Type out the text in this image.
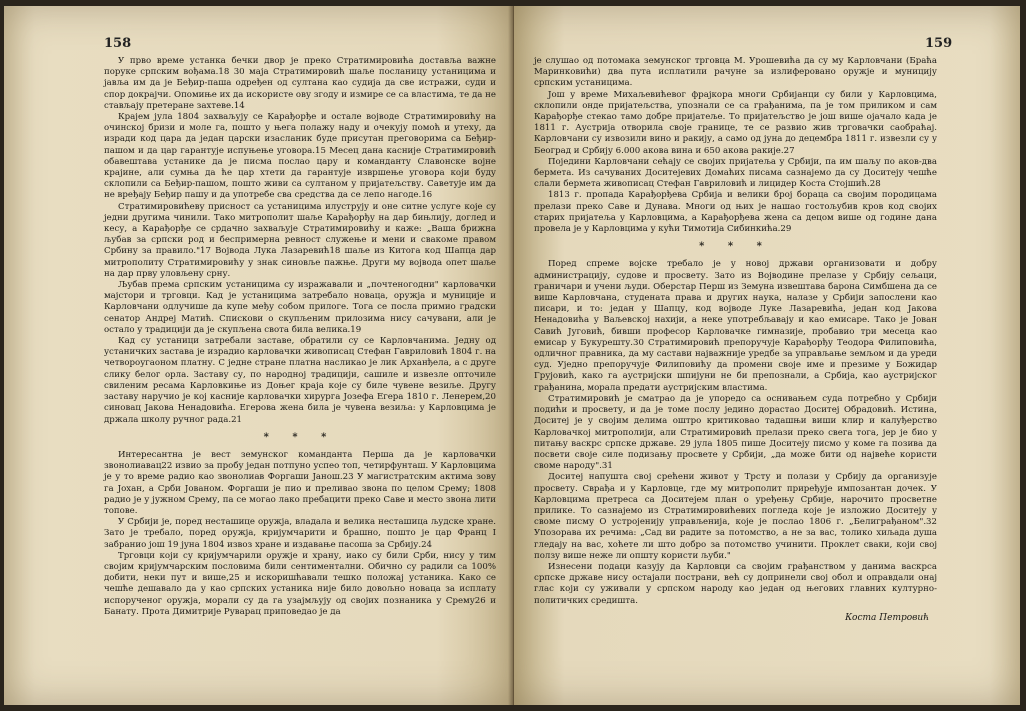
158

У прво време устанка бечки двор је преко Стратимировића доставља важне поруке српским вођама.18 30 маја Стратимировић шаље посланицу устаницима и јавља им да је Беђир-паша одређен од султана као судија да све истражи, суди и спор докрајчи. Опомиње их да искористе ову згоду и измире се са властима, те да не стављају претеране захтеве.14

Крајем јула 1804 захваљују се Карађорђе и остале војводе Стратимировићу на очинској бризи и моле га, пошто у њега полажу наду и очекују помоћ и утеху, да изради код цара да један царски изасланик буде присутан преговорима са Беђир-пашом и да цар гарантује испуњење уговора.15 Месец дана касније Стратимировић обавештава устанике да је писма послао цару и команданту Славонске војне крајине, али сумња да ће цар хтети да гарантује извршење уговора који буду склопили са Беђир-пашом, пошто живи са султаном у пријатељству. Саветује им да не вређају Беђир пашу и да употребе сва средства да се лепо нагоде.16

Стратимировићеву присност са устаницима илуструју и оне ситне услуге које су једни другима чинили. Тако митрополит шаље Карађорђу на дар бињлију, доглед и кесу, а Карађорђе се срдачно захваљује Стратимировићу и каже: „Ваша брижна љубав за српски род и беспримерна ревност служење и мени и свакоме правом Србину за правило."17 Војвода Лука Лазаревић18 шаље из Китога код Шапца дар митрополиту Стратимировићу у знак синовље пажње. Други му војвода опет шаље на дар прву уловљену срну.

Љубав према српским устаницима су изражавали и „почтеногодни" карловачки мајстори и трговци. Кад је устаницима затребало новаца, оружја и муниције и Карловчани одлучише да купе међу собом прилоге. Тога се посла примио градски сенатор Андреј Матић. Спискови о скупљеним прилозима нису сачувани, али је остало у традицији да је скупљена свота била велика.19

Кад су устаници затребали заставе, обратили су се Карловчанима. Једну од устаничких застава је израдио карловачки живописац Стефан Гавриловић 1804 г. на четвороугаоном платну. С једне стране платна насликао је лик Арханђела, а с друге слику белог орла. Заставу су, по народној традицији, сашиле и извезле опточиле свиленим ресама Карловкиње из Доњег краја које су биле чувене везиље. Другу заставу наручио је кој касније карловачки хирурга Јозефа Егера 1810 г. Ленерем,20 синовац Јакова Ненадовића. Егерова жена била је чувена везиља: у Карловцима је држала школу ручног рада.21

* * *

Интересантна је вест земунског команданта Перша да је карловачки звонолиавац22 извио за пробу један потпуно успео топ, четирфунташ. У Карловцима је у то време радио као звонолиав Форгаши Јанош.23 У магистратским актима зову га Јохан, а Срби Јованом. Форгаши је пио и преливао звона по целом Срему; 1808 радио је у јужном Срему, па се могао лако пребацити преко Саве и место звона лити топове.

У Србији је, поред несташице оружја, владала и велика несташица људске хране. Зато је требало, поред оружја, кријумчарити и брашно, пошто је цар Франц I забранио још 19 јуна 1804 извоз хране и издавање пасоша за Србију.24

Трговци који су кријумчарили оружје и храну, иако су били Срби, нису у тим својим кријумчарским пословима били сентиментални. Обично су радили са 100% добити, неки пут и више,25 и искоришћавали тешко положај устаника. Како се чешће дешавало да у као српских устаника није било довољно новаца за исплату испорученог оружја, морали су да га узајмљују од својих познаника у Срему26 и Банату. Прота Димитрије Руварац приповедао је да

159

је слушао од потомака земунског трговца М. Урошевића да су му Карловчани (Браћа Маринковићи) два пута исплатили рачуне за излиферовано оружје и муницију српским устаницима.

Још у време Михаљевићевог фрајкора многи Србијанци су били у Карловцима, склопили онде пријатељства, упознали се са грађанима, па је том приликом и сам Карађорђе стекао тамо добре пријатеље. То пријатељство је још више ојачало када је 1811 г. Аустрија отворила своје границе, те се развио жив трговачки саобраћај. Карловчани су извозили вино и ракију, а само од јуна до децембра 1811 г. извезли су у Београд и Србију 6.000 акова вина и 650 акова ракије.27

Поједини Карловчани сећају се својих пријатеља у Србији, па им шаљу по аков-два бермета. Из сачуваних Доситејевих Домаћих писама сазнајемо да су Доситеју чешће слали бермета живописац Стефан Гавриловић и лицидер Коста Стојшић.28

1813 г. пропада Карађорђева Србија и велики број бораца са својим породицама прелази преко Саве и Дунава. Многи од њих је нашао гостољубив кров код својих старих пријатеља у Карловцима, а Карађорђева жена са децом више од године дана провела је у Карловцима у кући Тимотија Сибинкића.29

* * *

Поред спреме војске требало је у новој држави организовати и добру администрацију, судове и просвету. Зато из Војводине прелазе у Србију сељаци, граничари и учени људи. Оберстар Перш из Земуна извештава барона Симбшена да се више Карловчана, студената права и других наука, налазе у Србији запослени као писари, и то: један у Шапцу, код војводе Луке Лазаревића, један код Јакова Ненадовића у Ваљевској нахији, а неке употребљавају и као емисаре. Тако је Јован Савић Југовић, бивши професор Карловачке гимназије, пробавио три месеца као емисар у Букурешту.30 Стратимировић препоручује Карађорђу Теодора Филиповића, одличног правника, да му састави најважније уредбе за управљање земљом и да уреди суд. Уједно препоручује Филиповићу да промени своје име и презиме у Божидар Грујовић, како га аустријски шпијуни не би препознали, а Србија, као аустријског грађанина, морала предати аустријским властима.

Стратимировић је сматрао да је упоредо са оснивањем суда потребно у Србији подићи и просвету, и да је томе послу једино дорастао Доситеј Обрадовић. Истина, Доситеј је у својим делима оштро критиковао тадашњи виши клир и калуђерство Карловачкој митрополији, али Стратимировић прелази преко свега тога, јер је био у питању васкрс српске државе. 29 јула 1805 пише Доситеју писмо у коме га позива да посвети своје силе подизању просвете у Србији, „да може бити од највеће користи своме народу".31

Доситеј напушта свој срећени живот у Трсту и полази у Србију да организује просвету. Сврађа и у Карловце, где му митрополит приређује импозантан дочек. У Карловцима претреса са Доситејем план о уређењу Србије, нарочито просветне прилике. То сазнајемо из Стратимировићевих погледа које је изложио Доситеју у своме писму О устројенију управљенија, које је послао 1806 г. „Белиграђаном".32 Упозорава их речима: „Сад ви радите за потомство, а не за вас, толико хиљада душа гледају на вас, хоћете ли што добро за потомство учинити. Проклет сваки, који свој ползу више неже ли општу користи љуби."

Изнесени подаци казују да Карловци са својим грађанством у данима васкрса српске државе нису остајали пострани, већ су допринели свој обол и оправдали онај глас који су уживали у српском народу као један од његових главних културно-политичких средишта.

Коста Петровић
